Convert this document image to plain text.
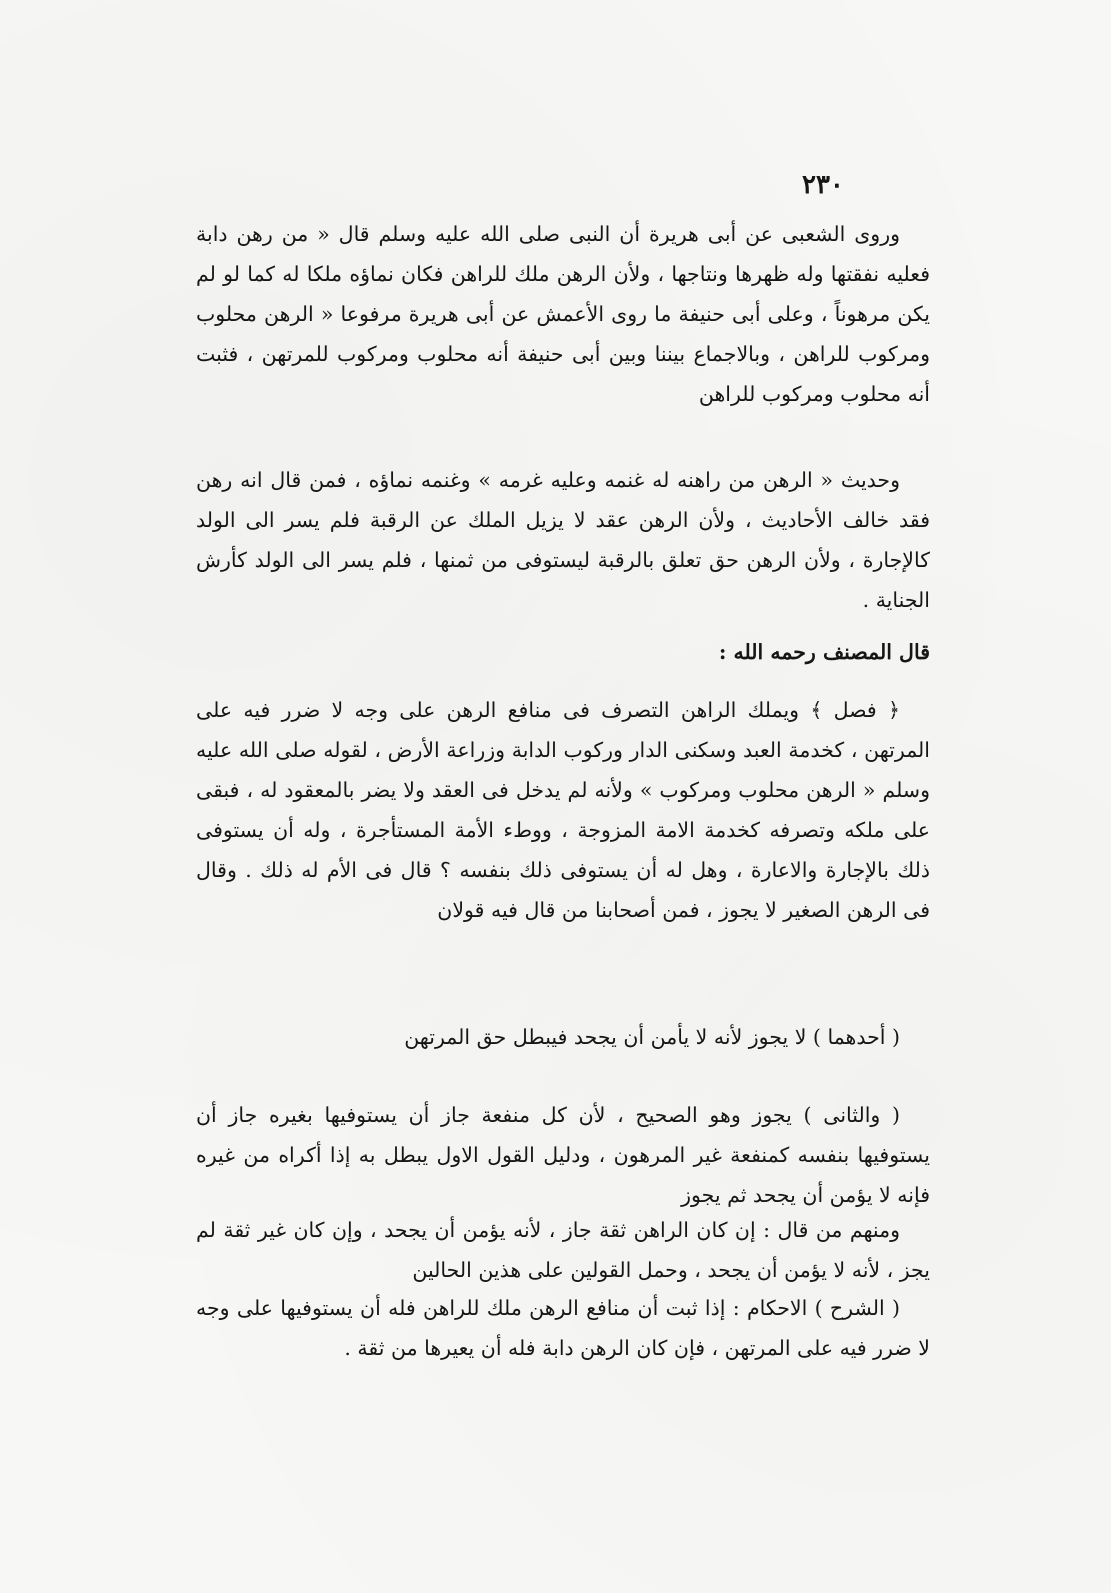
٢٣٠

وروى الشعبى عن أبى هريرة أن النبى صلى الله عليه وسلم قال « من رهن دابة فعليه نفقتها وله ظهرها ونتاجها ، ولأن الرهن ملك للراهن فكان نماؤه ملكا له كما لو لم يكن مرهوناً ، وعلى أبى حنيفة ما روى الأعمش عن أبى هريرة مرفوعا « الرهن محلوب ومركوب للراهن ، وبالاجماع بيننا وبين أبى حنيفة أنه محلوب ومركوب للمرتهن ، فثبت أنه محلوب ومركوب للراهن

وحديث « الرهن من راهنه له غنمه وعليه غرمه » وغنمه نماؤه ، فمن قال انه رهن فقد خالف الأحاديث ، ولأن الرهن عقد لا يزيل الملك عن الرقبة فلم يسر الى الولد كالإجارة ، ولأن الرهن حق تعلق بالرقبة ليستوفى من ثمنها ، فلم يسر الى الولد كأرش الجناية .

قال المصنف رحمه الله :

﴿ فصل ﴾ ويملك الراهن التصرف فى منافع الرهن على وجه لا ضرر فيه على المرتهن ، كخدمة العبد وسكنى الدار وركوب الدابة وزراعة الأرض ، لقوله صلى الله عليه وسلم « الرهن محلوب ومركوب » ولأنه لم يدخل فى العقد ولا يضر بالمعقود له ، فبقى على ملكه وتصرفه كخدمة الامة المزوجة ، ووطء الأمة المستأجرة ، وله أن يستوفى ذلك بالإجارة والاعارة ، وهل له أن يستوفى ذلك بنفسه ؟ قال فى الأم له ذلك . وقال فى الرهن الصغير لا يجوز ، فمن أصحابنا من قال فيه قولان

( أحدهما ) لا يجوز لأنه لا يأمن أن يجحد فيبطل حق المرتهن

( والثانى ) يجوز وهو الصحيح ، لأن كل منفعة جاز أن يستوفيها بغيره جاز أن يستوفيها بنفسه كمنفعة غير المرهون ، ودليل القول الاول يبطل به إذا أكراه من غيره فإنه لا يؤمن أن يجحد ثم يجوز

ومنهم من قال : إن كان الراهن ثقة جاز ، لأنه يؤمن أن يجحد ، وإن كان غير ثقة لم يجز ، لأنه لا يؤمن أن يجحد ، وحمل القولين على هذين الحالين

( الشرح ) الاحكام : إذا ثبت أن منافع الرهن ملك للراهن فله أن يستوفيها على وجه لا ضرر فيه على المرتهن ، فإن كان الرهن دابة فله أن يعيرها من ثقة .
